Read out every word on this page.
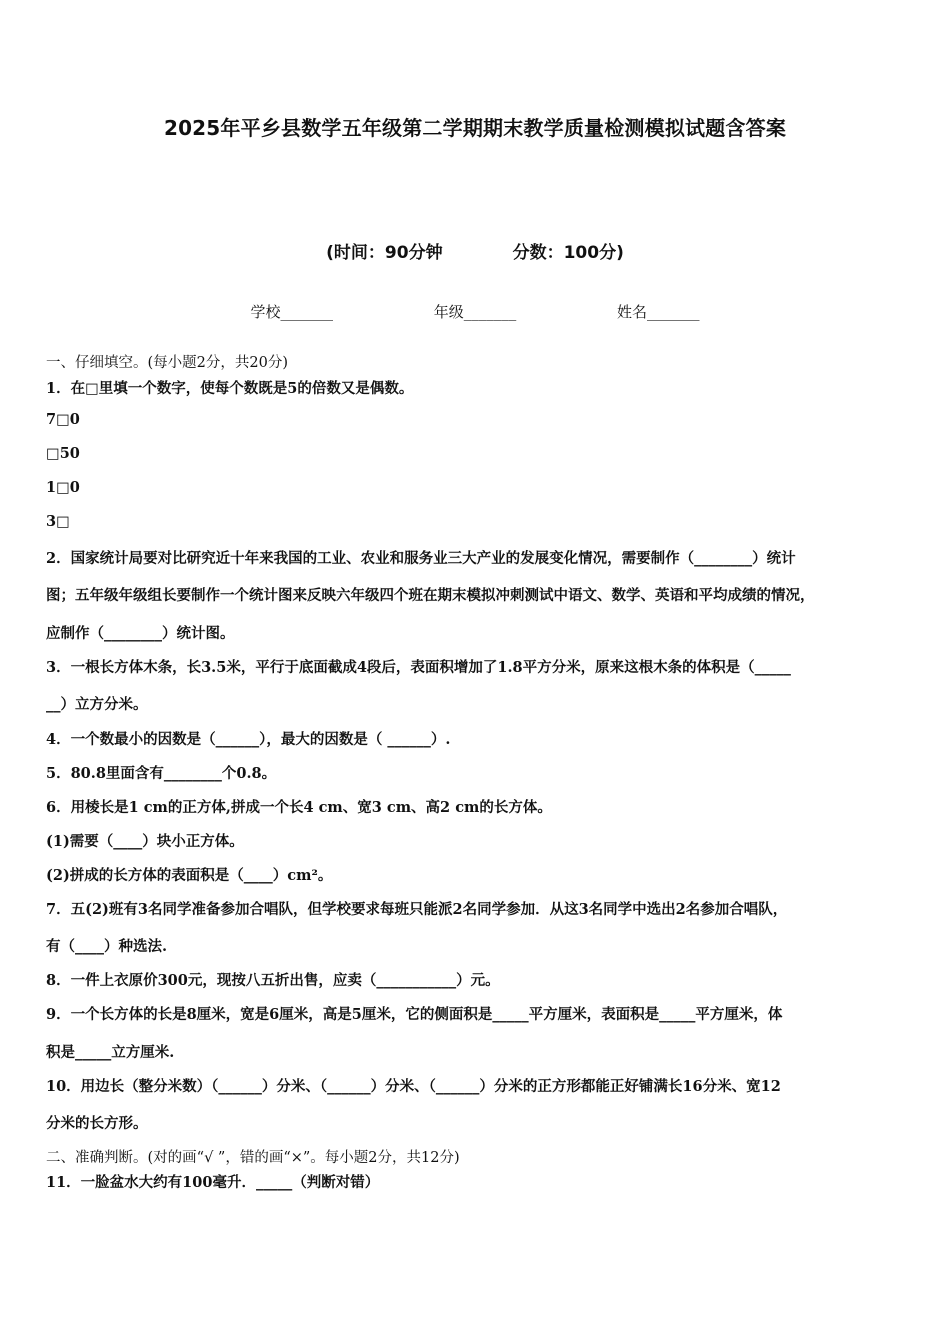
2025年平乡县数学五年级第二学期期末教学质量检测模拟试题含答案
(时间：90分钟	分数：100分)
学校_______	年级_______	姓名_______
一、仔细填空。(每小题2分，共20分)
1．在□里填一个数字，使每个数既是5的倍数又是偶数。
7□0
□50
1□0
3□
2．国家统计局要对比研究近十年来我国的工业、农业和服务业三大产业的发展变化情况，需要制作（________）统计
图；五年级年级组长要制作一个统计图来反映六年级四个班在期末模拟冲刺测试中语文、数学、英语和平均成绩的情况，
应制作（________）统计图。
3．一根长方体木条，长3.5米，平行于底面截成4段后，表面积增加了1.8平方分米，原来这根木条的体积是（_____
__）立方分米。
4．一个数最小的因数是（______），最大的因数是（ ______）.
5．80.8里面含有________个0.8。
6．用棱长是1 cm的正方体,拼成一个长4 cm、宽3 cm、高2 cm的长方体。
(1)需要（____）块小正方体。
(2)拼成的长方体的表面积是（____）cm²。
7．五(2)班有3名同学准备参加合唱队，但学校要求每班只能派2名同学参加．从这3名同学中选出2名参加合唱队，
有（____）种选法.
8．一件上衣原价300元，现按八五折出售，应卖（___________）元。
9．一个长方体的长是8厘米，宽是6厘米，高是5厘米，它的侧面积是_____平方厘米，表面积是_____平方厘米，体
积是_____立方厘米.
10．用边长（整分米数）（______）分米、（______）分米、（______）分米的正方形都能正好铺满长16分米、宽12
分米的长方形。
二、准确判断。(对的画“√ ”，错的画“×”。每小题2分，共12分)
11．一脸盆水大约有100毫升．_____（判断对错）
